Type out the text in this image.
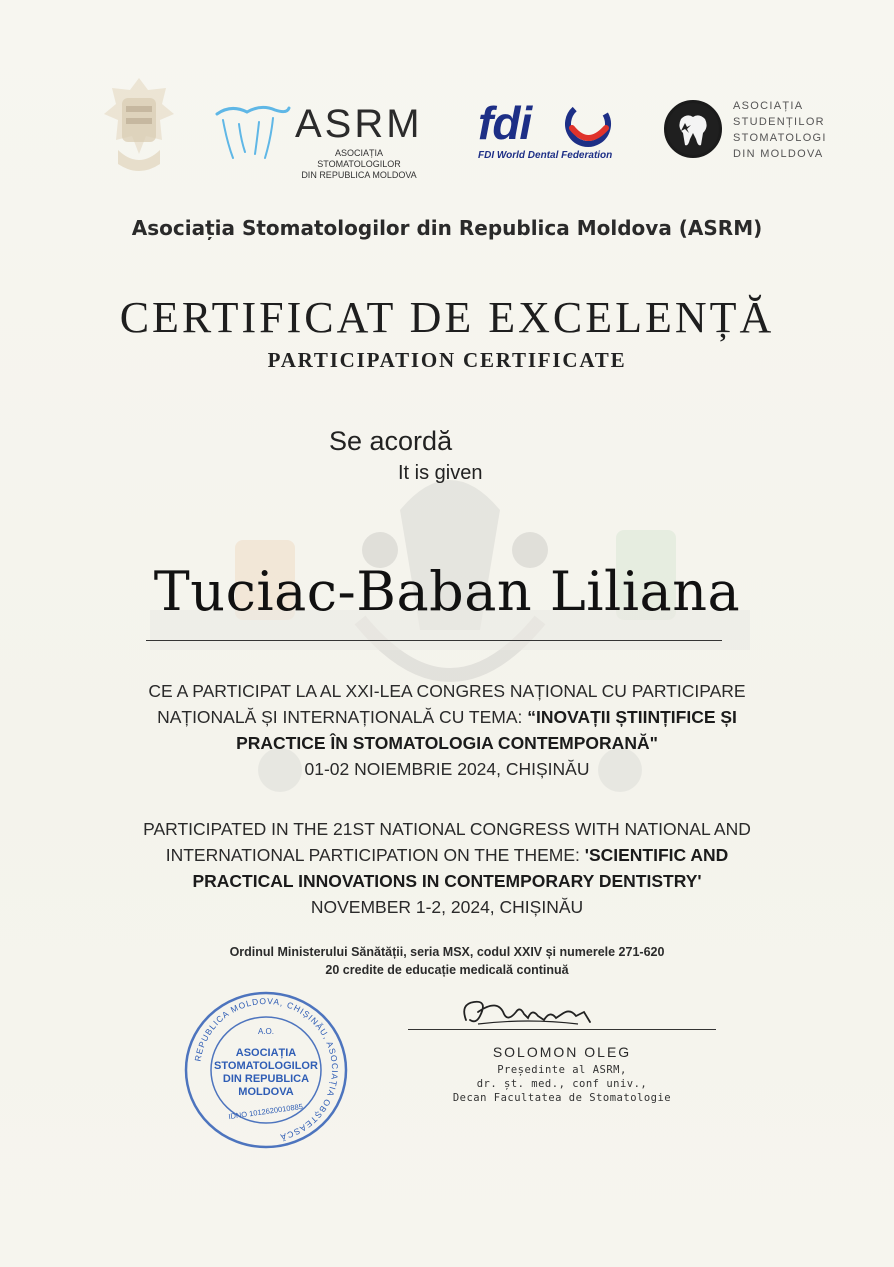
ASRM
ASOCIAȚIA STOMATOLOGILOR
DIN REPUBLICA MOLDOVA
fdi
FDI World Dental Federation
ASOCIAȚIA
STUDENȚILOR
STOMATOLOGI
DIN MOLDOVA
Asociația Stomatologilor din Republica Moldova (ASRM)
CERTIFICAT DE EXCELENȚĂ
PARTICIPATION CERTIFICATE
Se acordă
It is given
Tuciac-Baban Liliana
CE A PARTICIPAT LA AL XXI-LEA CONGRES NAȚIONAL CU PARTICIPARE
NAȚIONALĂ ȘI INTERNAȚIONALĂ CU TEMA: “INOVAȚII ȘTIINȚIFICE ȘI
PRACTICE ÎN STOMATOLOGIA CONTEMPORANĂ"
01-02 NOIEMBRIE 2024, CHIȘINĂU
PARTICIPATED IN THE 21ST NATIONAL CONGRESS WITH NATIONAL AND
INTERNATIONAL PARTICIPATION ON THE THEME: 'SCIENTIFIC AND
PRACTICAL INNOVATIONS IN CONTEMPORARY DENTISTRY'
NOVEMBER 1-2, 2024, CHIȘINĂU
Ordinul Ministerului Sănătății, seria MSX, codul XXIV și numerele 271-620
20 credite de educație medicală continuă
REPUBLICA MOLDOVA, CHIȘINĂU, ASOCIAȚIA OBȘTEASCĂ
A.O.
ASOCIAȚIA
STOMATOLOGILOR
DIN REPUBLICA
MOLDOVA
IDNO 1012620010885
SOLOMON OLEG
Președinte al ASRM,
dr. șt. med., conf univ.,
Decan Facultatea de Stomatologie
